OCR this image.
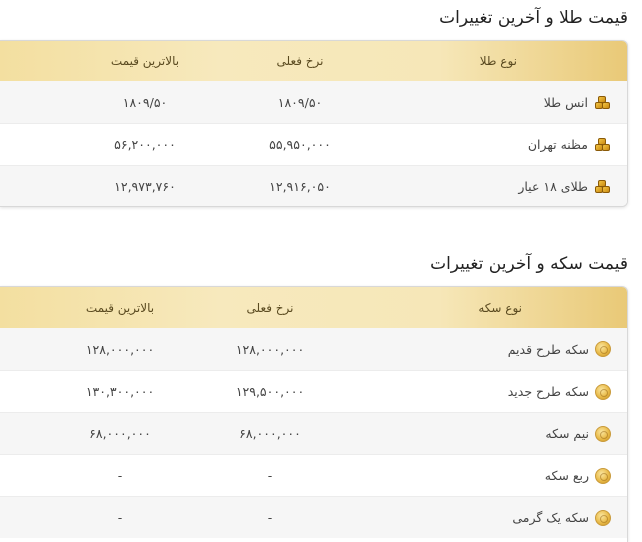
قیمت طلا و آخرین تغییرات
نوع طلا
نرخ فعلی
بالاترین قیمت
انس طلا
۱۸۰۹/۵۰
۱۸۰۹/۵۰
مظنه تهران
۵۵,۹۵۰,۰۰۰
۵۶,۲۰۰,۰۰۰
طلای ۱۸ عیار
۱۲,۹۱۶,۰۵۰
۱۲,۹۷۳,۷۶۰
قیمت سکه و آخرین تغییرات
نوع سکه
نرخ فعلی
بالاترین قیمت
سکه طرح قدیم
۱۲۸,۰۰۰,۰۰۰
۱۲۸,۰۰۰,۰۰۰
سکه طرح جدید
۱۲۹,۵۰۰,۰۰۰
۱۳۰,۳۰۰,۰۰۰
نیم سکه
۶۸,۰۰۰,۰۰۰
۶۸,۰۰۰,۰۰۰
ربع سکه
-
-
سکه یک گرمی
-
-
